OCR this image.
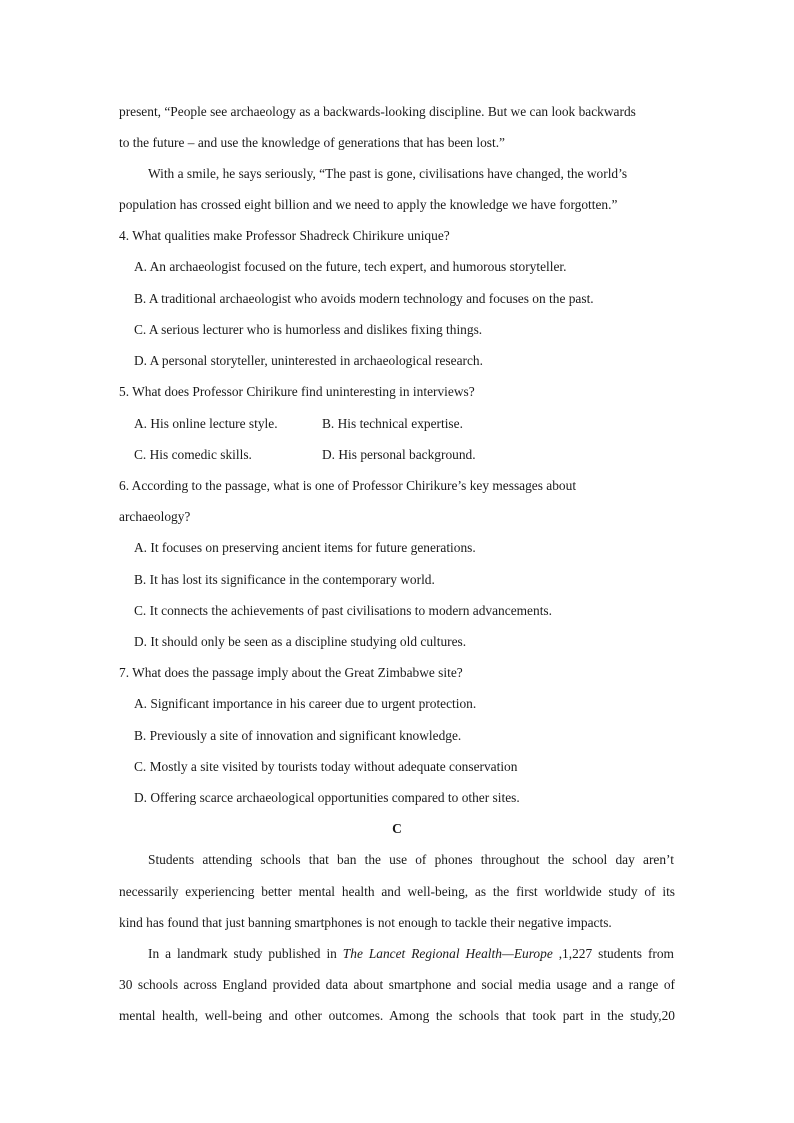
present, “People see archaeology as a backwards-looking discipline. But we can look backwards
to the future – and use the knowledge of generations that has been lost.”
With a smile, he says seriously, “The past is gone, civilisations have changed, the world’s
population has crossed eight billion and we need to apply the knowledge we have forgotten.”
4. What qualities make Professor Shadreck Chirikure unique?
A. An archaeologist focused on the future, tech expert, and humorous storyteller.
B. A traditional archaeologist who avoids modern technology and focuses on the past.
C. A serious lecturer who is humorless and dislikes fixing things.
D. A personal storyteller, uninterested in archaeological research.
5. What does Professor Chirikure find uninteresting in interviews?
A. His online lecture style.	B. His technical expertise.
C. His comedic skills.	D. His personal background.
6. According to the passage, what is one of Professor Chirikure’s key messages about
archaeology?
A. It focuses on preserving ancient items for future generations.
B. It has lost its significance in the contemporary world.
C. It connects the achievements of past civilisations to modern advancements.
D. It should only be seen as a discipline studying old cultures.
7. What does the passage imply about the Great Zimbabwe site?
A. Significant importance in his career due to urgent protection.
B. Previously a site of innovation and significant knowledge.
C. Mostly a site visited by tourists today without adequate conservation
D. Offering scarce archaeological opportunities compared to other sites.
C
Students attending schools that ban the use of phones throughout the school day aren’t
necessarily experiencing better mental health and well-being, as the first worldwide study of its
kind has found that just banning smartphones is not enough to tackle their negative impacts.
In a landmark study published in The Lancet Regional Health—Europe ,1,227 students from
30 schools across England provided data about smartphone and social media usage and a range of
mental health, well-being and other outcomes. Among the schools that took part in the study,20
